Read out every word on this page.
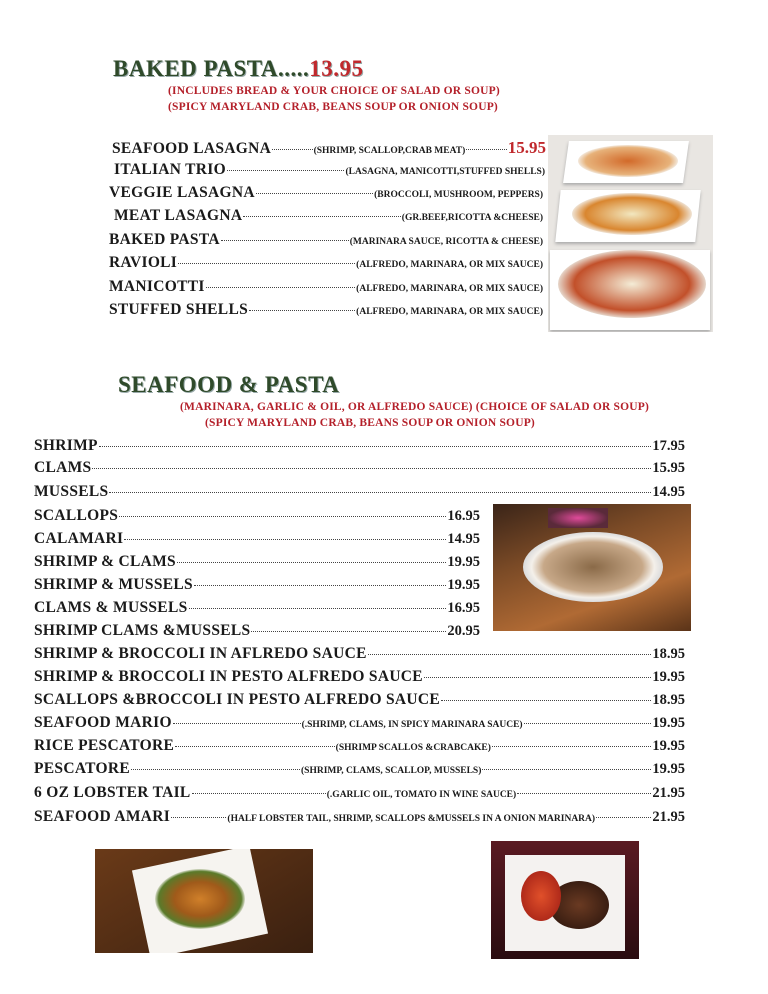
BAKED PASTA.....13.95
(INCLUDES BREAD & YOUR CHOICE OF SALAD OR SOUP)
(SPICY MARYLAND CRAB, BEANS SOUP OR ONION SOUP)
SEAFOOD & PASTA
(MARINARA, GARLIC & OIL, OR ALFREDO SAUCE) (CHOICE OF SALAD OR SOUP)
(SPICY MARYLAND CRAB, BEANS SOUP OR ONION SOUP)
SEAFOOD LASAGNA	(SHRIMP, SCALLOP,CRAB MEAT)	15.95
ITALIAN TRIO	(LASAGNA, MANICOTTI,STUFFED SHELLS)
VEGGIE LASAGNA	(BROCCOLI, MUSHROOM, PEPPERS)
MEAT LASAGNA	(GR.BEEF,RICOTTA &CHEESE)
BAKED PASTA	(MARINARA SAUCE, RICOTTA & CHEESE)
RAVIOLI	(ALFREDO, MARINARA, OR MIX SAUCE)
MANICOTTI	(ALFREDO, MARINARA, OR MIX SAUCE)
STUFFED SHELLS	(ALFREDO, MARINARA, OR MIX SAUCE)
SHRIMP	17.95
CLAMS	15.95
MUSSELS	14.95
SCALLOPS	16.95
CALAMARI	14.95
SHRIMP & CLAMS	19.95
SHRIMP & MUSSELS	19.95
CLAMS & MUSSELS	16.95
SHRIMP CLAMS &MUSSELS	20.95
SHRIMP & BROCCOLI IN AFLREDO SAUCE	18.95
SHRIMP & BROCCOLI IN PESTO ALFREDO SAUCE	19.95
SCALLOPS &BROCCOLI IN PESTO ALFREDO SAUCE	18.95
SEAFOOD MARIO	(.SHRIMP, CLAMS, IN SPICY MARINARA SAUCE)	19.95
RICE PESCATORE	(SHRIMP SCALLOS &CRABCAKE)	19.95
PESCATORE	(SHRIMP, CLAMS, SCALLOP, MUSSELS)	19.95
6 OZ LOBSTER TAIL	(.GARLIC OIL, TOMATO IN WINE SAUCE)	21.95
SEAFOOD AMARI	(HALF LOBSTER TAIL, SHRIMP, SCALLOPS &MUSSELS IN A ONION MARINARA)	21.95
